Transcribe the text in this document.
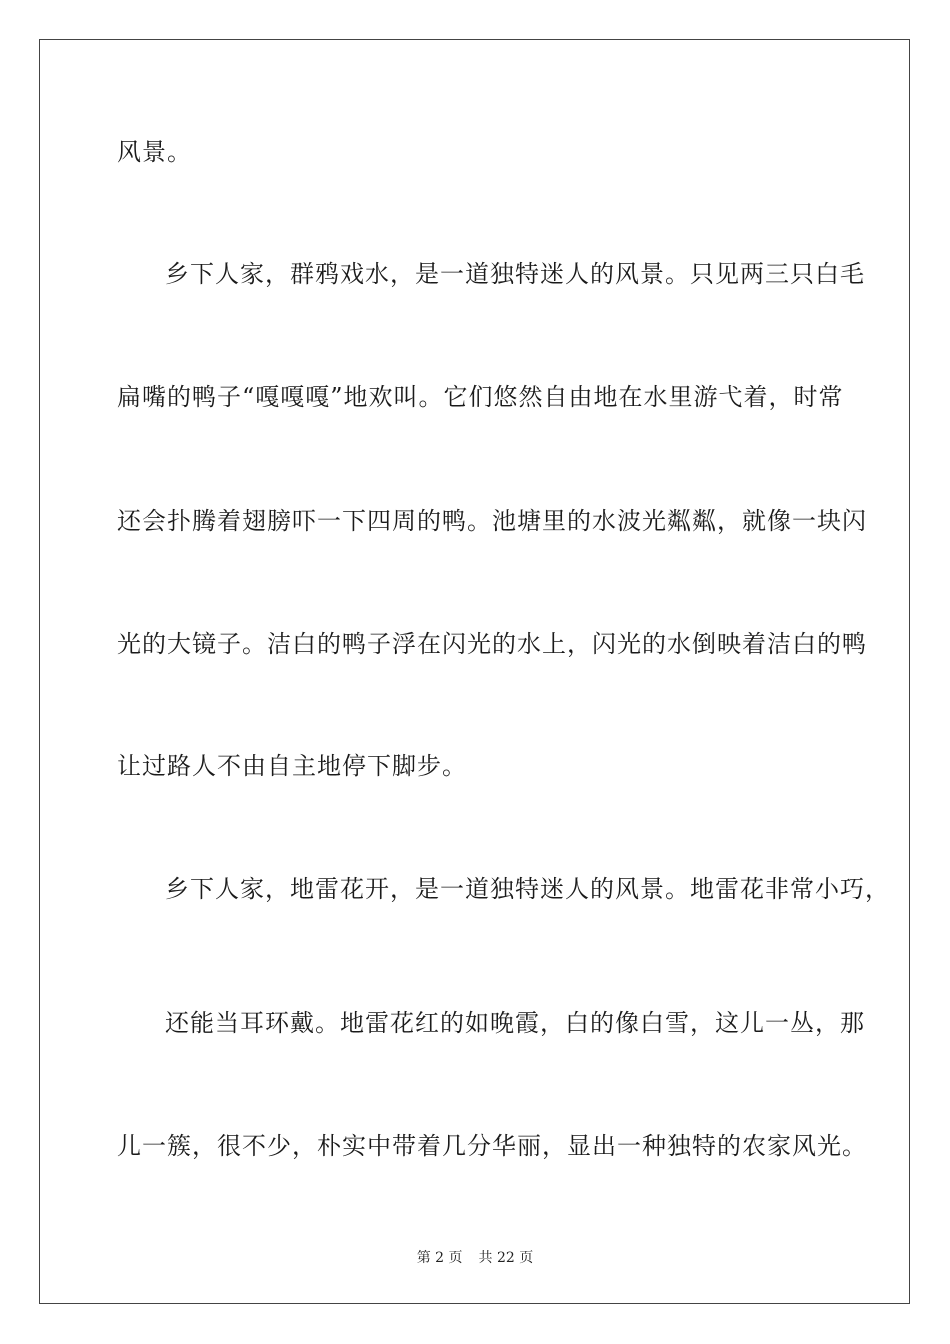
风景。
乡下人家，群鸦戏水，是一道独特迷人的风景。只见两三只白毛
扁嘴的鸭子“嘎嘎嘎”地欢叫。它们悠然自由地在水里游弋着，时常
还会扑腾着翅膀吓一下四周的鸭。池塘里的水波光粼粼，就像一块闪
光的大镜子。洁白的鸭子浮在闪光的水上，闪光的水倒映着洁白的鸭
让过路人不由自主地停下脚步。
乡下人家，地雷花开，是一道独特迷人的风景。地雷花非常小巧，
还能当耳环戴。地雷花红的如晚霞，白的像白雪，这儿一丛，那
儿一簇，很不少，朴实中带着几分华丽，显出一种独特的农家风光。
第 2 页 共 22 页
